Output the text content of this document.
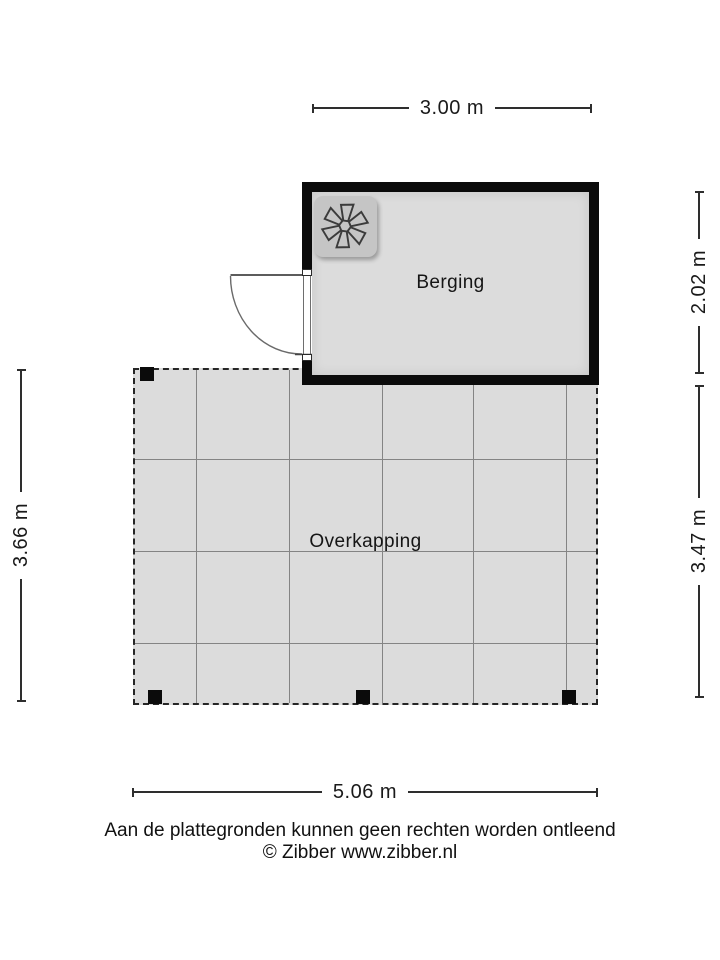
3.00 m
2.02 m
3.47 m
3.66 m
5.06 m
Overkapping
Berging
Aan de plattegronden kunnen geen rechten worden ontleend
© Zibber www.zibber.nl
